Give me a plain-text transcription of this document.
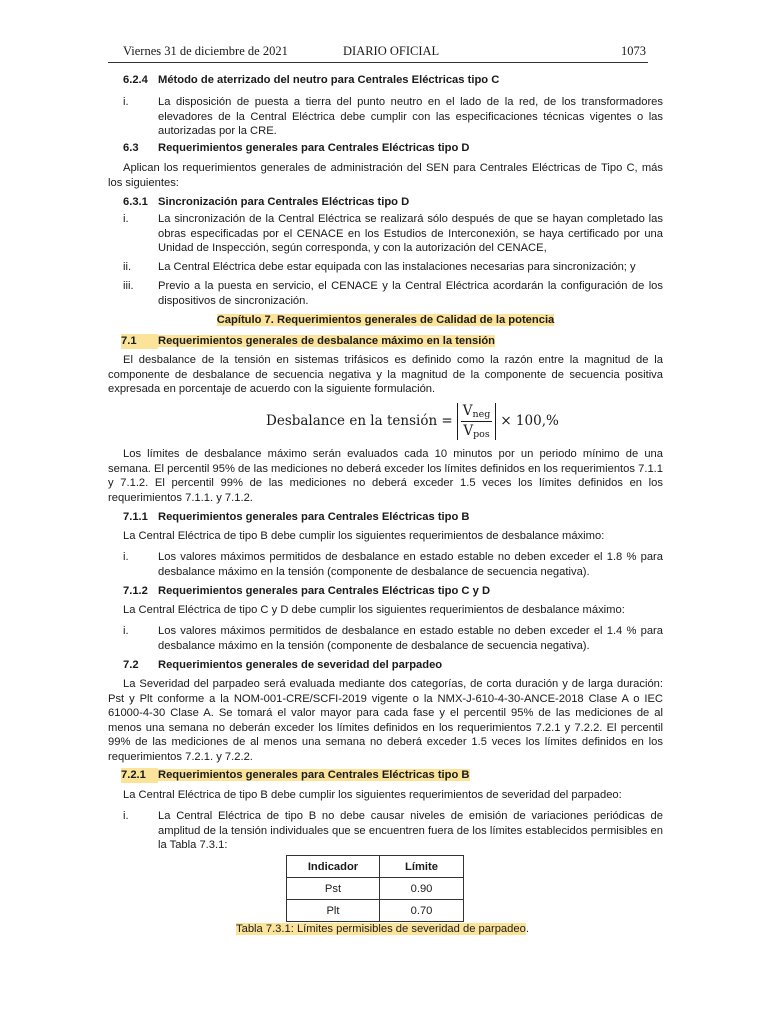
Viernes 31 de diciembre de 2021	DIARIO OFICIAL	1073
6.2.4 Método de aterrizado del neutro para Centrales Eléctricas tipo C
i.	La disposición de puesta a tierra del punto neutro en el lado de la red, de los transformadores elevadores de la Central Eléctrica debe cumplir con las especificaciones técnicas vigentes o las autorizadas por la CRE.
6.3 Requerimientos generales para Centrales Eléctricas tipo D
Aplican los requerimientos generales de administración del SEN para Centrales Eléctricas de Tipo C, más los siguientes:
6.3.1 Sincronización para Centrales Eléctricas tipo D
i.	La sincronización de la Central Eléctrica se realizará sólo después de que se hayan completado las obras especificadas por el CENACE en los Estudios de Interconexión, se haya certificado por una Unidad de Inspección, según corresponda, y con la autorización del CENACE,
ii. La Central Eléctrica debe estar equipada con las instalaciones necesarias para sincronización; y
iii. Previo a la puesta en servicio, el CENACE y la Central Eléctrica acordarán la configuración de los dispositivos de sincronización.
Capítulo 7. Requerimientos generales de Calidad de la potencia
7.1 Requerimientos generales de desbalance máximo en la tensión
El desbalance de la tensión en sistemas trifásicos es definido como la razón entre la magnitud de la componente de desbalance de secuencia negativa y la magnitud de la componente de secuencia positiva expresada en porcentaje de acuerdo con la siguiente formulación.
Desbalance en la tensión = $\frac{V_{neg}}{V_{pos}} \times 100,\%$
Los límites de desbalance máximo serán evaluados cada 10 minutos por un periodo mínimo de una semana. El percentil 95% de las mediciones no deberá exceder los límites definidos en los requerimientos 7.1.1 y 7.1.2. El percentil 99% de las mediciones no deberá exceder 1.5 veces los límites definidos en los requerimientos 7.1.1. y 7.1.2.
7.1.1 Requerimientos generales para Centrales Eléctricas tipo B
La Central Eléctrica de tipo B debe cumplir los siguientes requerimientos de desbalance máximo:
i.	Los valores máximos permitidos de desbalance en estado estable no deben exceder el 1.8 % para desbalance máximo en la tensión (componente de desbalance de secuencia negativa).
7.1.2 Requerimientos generales para Centrales Eléctricas tipo C y D
La Central Eléctrica de tipo C y D debe cumplir los siguientes requerimientos de desbalance máximo:
i.	Los valores máximos permitidos de desbalance en estado estable no deben exceder el 1.4 % para desbalance máximo en la tensión (componente de desbalance de secuencia negativa).
7.2 Requerimientos generales de severidad del parpadeo
La Severidad del parpadeo será evaluada mediante dos categorías, de corta duración y de larga duración: Pst y Plt conforme a la NOM-001-CRE/SCFI-2019 vigente o la NMX-J-610-4-30-ANCE-2018 Clase A o IEC 61000-4-30 Clase A. Se tomará el valor mayor para cada fase y el percentil 95% de las mediciones de al menos una semana no deberán exceder los límites definidos en los requerimientos 7.2.1 y 7.2.2. El percentil 99% de las mediciones de al menos una semana no deberá exceder 1.5 veces los límites definidos en los requerimientos 7.2.1. y 7.2.2.
7.2.1 Requerimientos generales para Centrales Eléctricas tipo B
La Central Eléctrica de tipo B debe cumplir los siguientes requerimientos de severidad del parpadeo:
i.	La Central Eléctrica de tipo B no debe causar niveles de emisión de variaciones periódicas de amplitud de la tensión individuales que se encuentren fuera de los límites establecidos permisibles en la Tabla 7.3.1:
Indicador	Límite
Pst	0.90
Plt	0.70
Tabla 7.3.1: Límites permisibles de severidad de parpadeo.
